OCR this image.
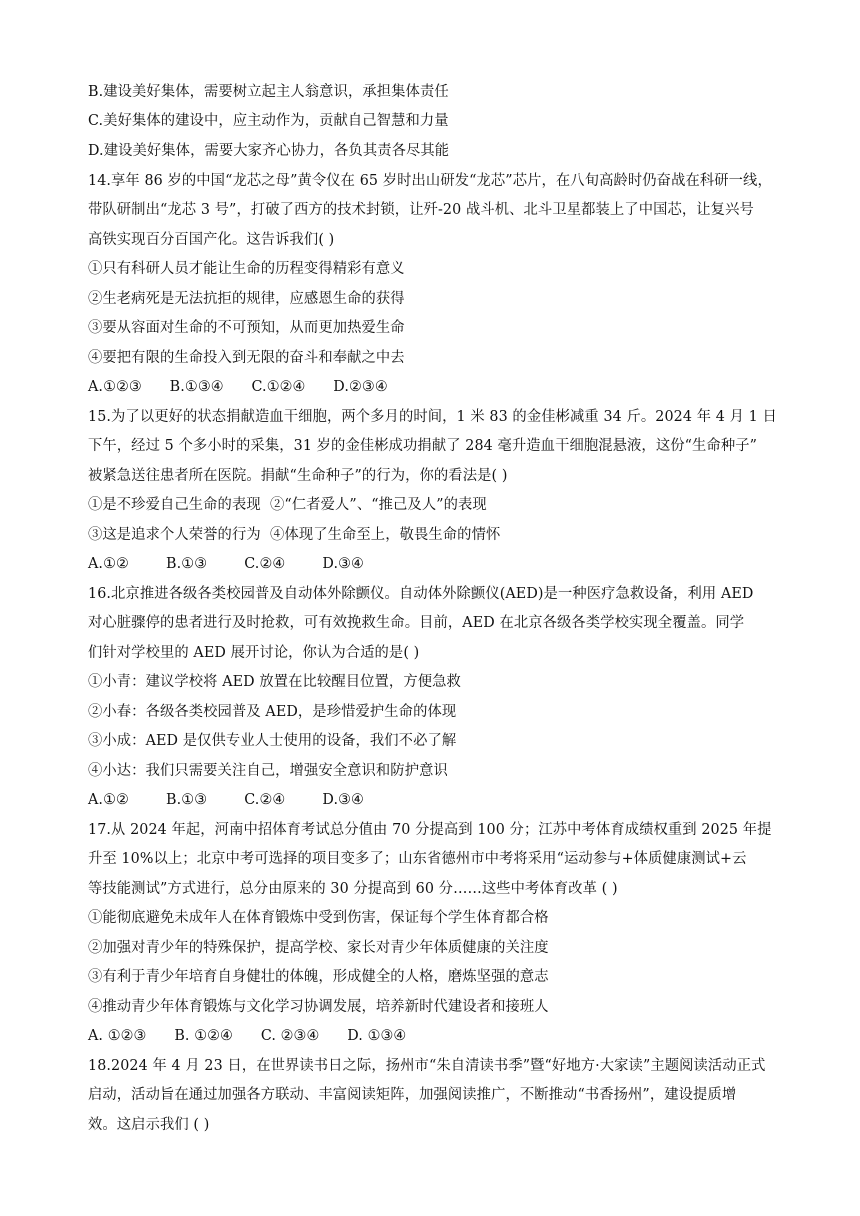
B.建设美好集体，需要树立起主人翁意识，承担集体责任
C.美好集体的建设中，应主动作为，贡献自己智慧和力量
D.建设美好集体，需要大家齐心协力，各负其责各尽其能
14.享年 86 岁的中国“龙芯之母”黄令仪在 65 岁时出山研发“龙芯”芯片，在八旬高龄时仍奋战在科研一线，
带队研制出“龙芯 3 号”，打破了西方的技术封锁，让歼-20 战斗机、北斗卫星都装上了中国芯，让复兴号
高铁实现百分百国产化。这告诉我们( )
①只有科研人员才能让生命的历程变得精彩有意义
②生老病死是无法抗拒的规律，应感恩生命的获得
③要从容面对生命的不可预知，从而更加热爱生命
④要把有限的生命投入到无限的奋斗和奉献之中去
A.①②③      B.①③④      C.①②④      D.②③④
15.为了以更好的状态捐献造血干细胞，两个多月的时间，1 米 83 的金佳彬减重 34 斤。2024 年 4 月 1 日
下午，经过 5 个多小时的采集，31 岁的金佳彬成功捐献了 284 毫升造血干细胞混悬液，这份“生命种子”
被紧急送往患者所在医院。捐献“生命种子”的行为，你的看法是( )
①是不珍爱自己生命的表现  ②“仁者爱人”、“推己及人”的表现
③这是追求个人荣誉的行为  ④体现了生命至上，敬畏生命的情怀
A.①②        B.①③        C.②④        D.③④
16.北京推进各级各类校园普及自动体外除颤仪。自动体外除颤仪(AED)是一种医疗急救设备，利用 AED
对心脏骤停的患者进行及时抢救，可有效挽救生命。目前，AED 在北京各级各类学校实现全覆盖。同学
们针对学校里的 AED 展开讨论，你认为合适的是( )
①小青：建议学校将 AED 放置在比较醒目位置，方便急救
②小春：各级各类校园普及 AED，是珍惜爱护生命的体现
③小成：AED 是仅供专业人士使用的设备，我们不必了解
④小达：我们只需要关注自己，增强安全意识和防护意识
A.①②        B.①③        C.②④        D.③④
17.从 2024 年起，河南中招体育考试总分值由 70 分提高到 100 分；江苏中考体育成绩权重到 2025 年提
升至 10%以上；北京中考可选择的项目变多了；山东省德州市中考将采用“运动参与+体质健康测试+云
等技能测试”方式进行，总分由原来的 30 分提高到 60 分……这些中考体育改革 ( )
①能彻底避免未成年人在体育锻炼中受到伤害，保证每个学生体育都合格
②加强对青少年的特殊保护，提高学校、家长对青少年体质健康的关注度
③有利于青少年培育自身健壮的体魄，形成健全的人格，磨炼坚强的意志
④推动青少年体育锻炼与文化学习协调发展，培养新时代建设者和接班人
A. ①②③      B. ①②④      C. ②③④      D. ①③④
18.2024 年 4 月 23 日，在世界读书日之际，扬州市“朱自清读书季”暨“好地方·大家读”主题阅读活动正式
启动，活动旨在通过加强各方联动、丰富阅读矩阵，加强阅读推广，不断推动“书香扬州”，建设提质增
效。这启示我们 ( )
